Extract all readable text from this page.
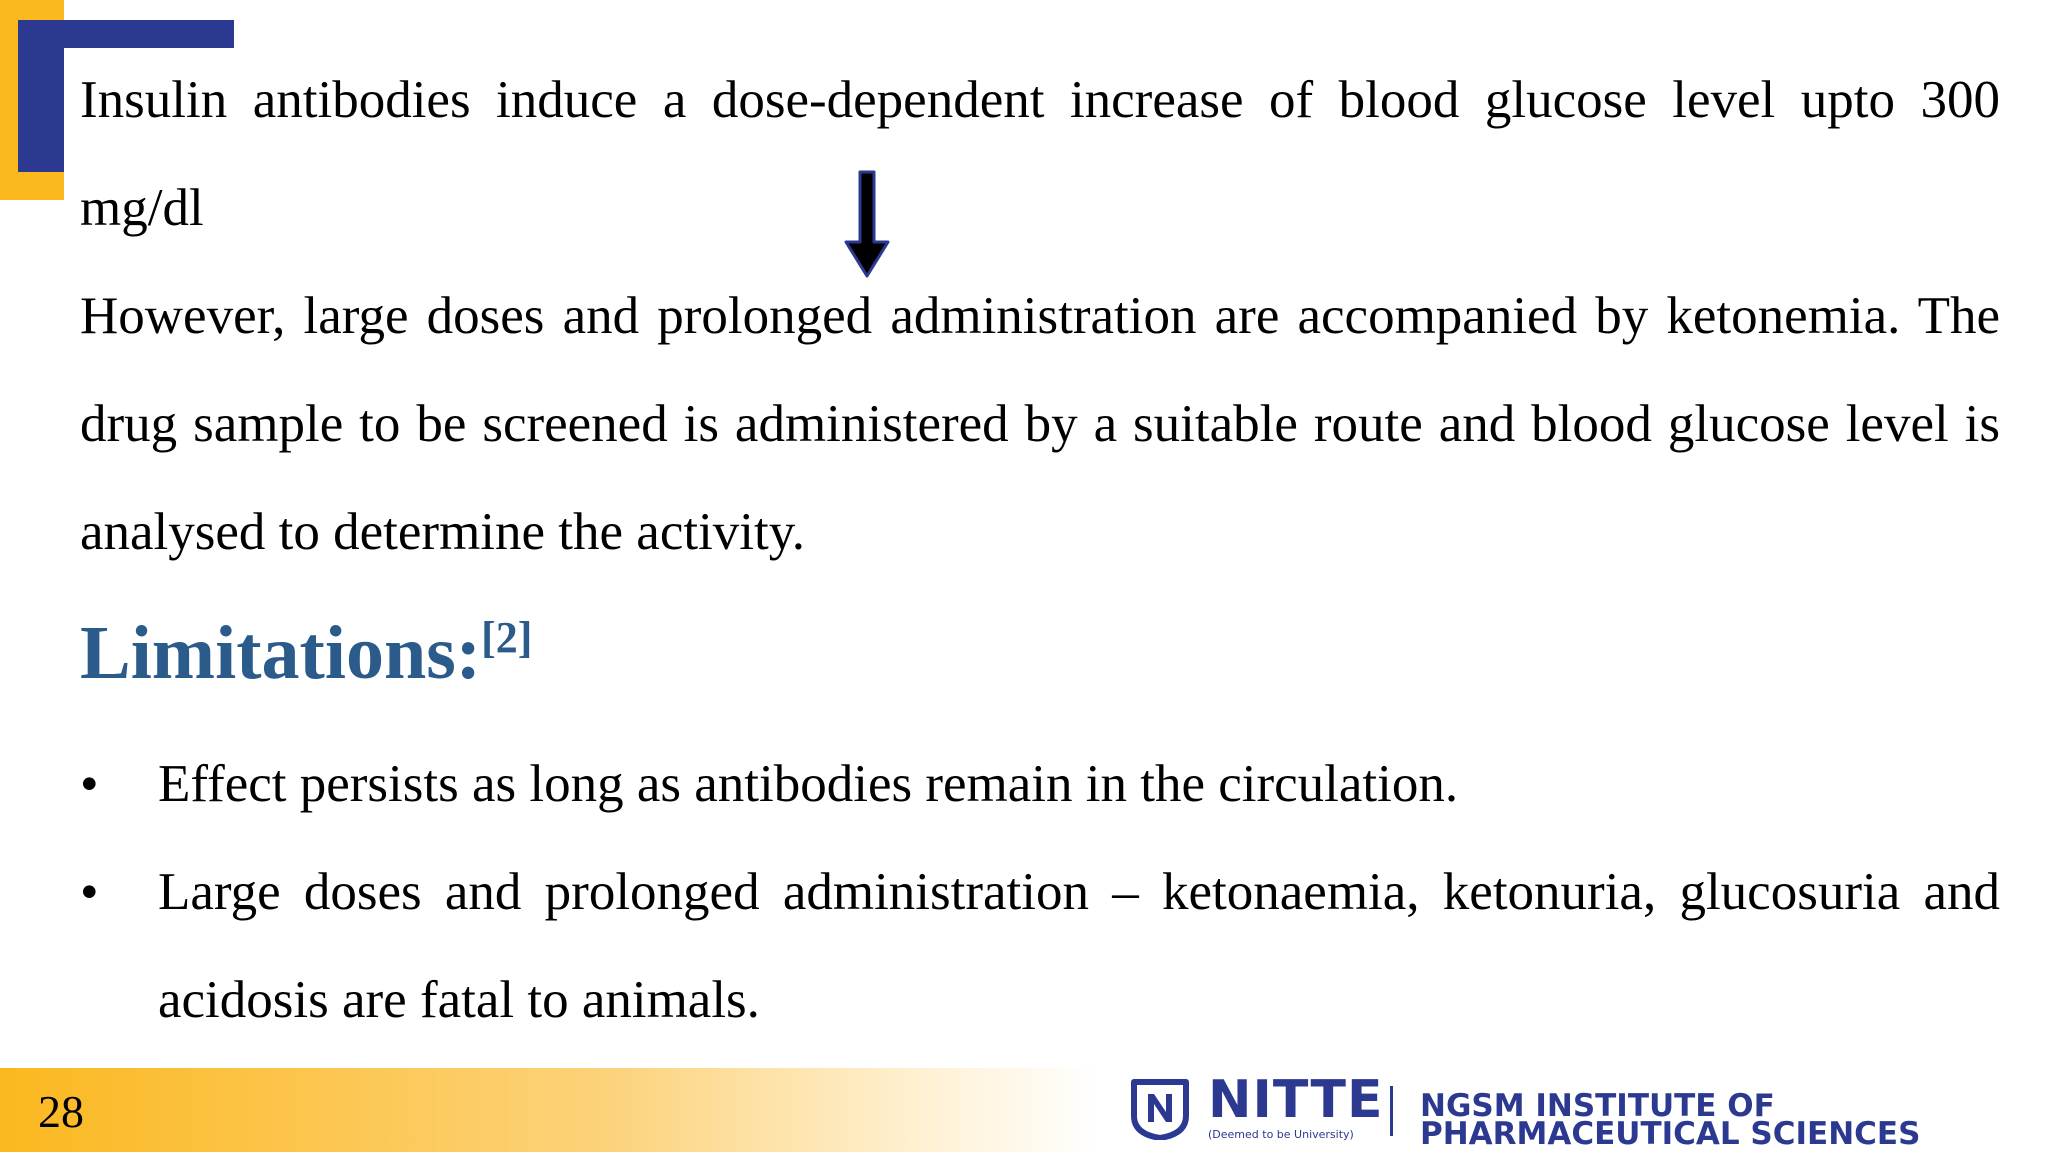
Insulin antibodies induce a dose-dependent increase of blood glucose level upto 300 mg/dl

However, large doses and prolonged administration are accompanied by ketonemia. The drug sample to be screened is administered by a suitable route and blood glucose level is analysed to determine the activity.

Limitations:[2]
• Effect persists as long as antibodies remain in the circulation.
• Large doses and prolonged administration – ketonaemia, ketonuria, glucosuria and acidosis are fatal to animals.
28	NITTE
(Deemed to be University)
NGSM INSTITUTE OF
PHARMACEUTICAL SCIENCES
